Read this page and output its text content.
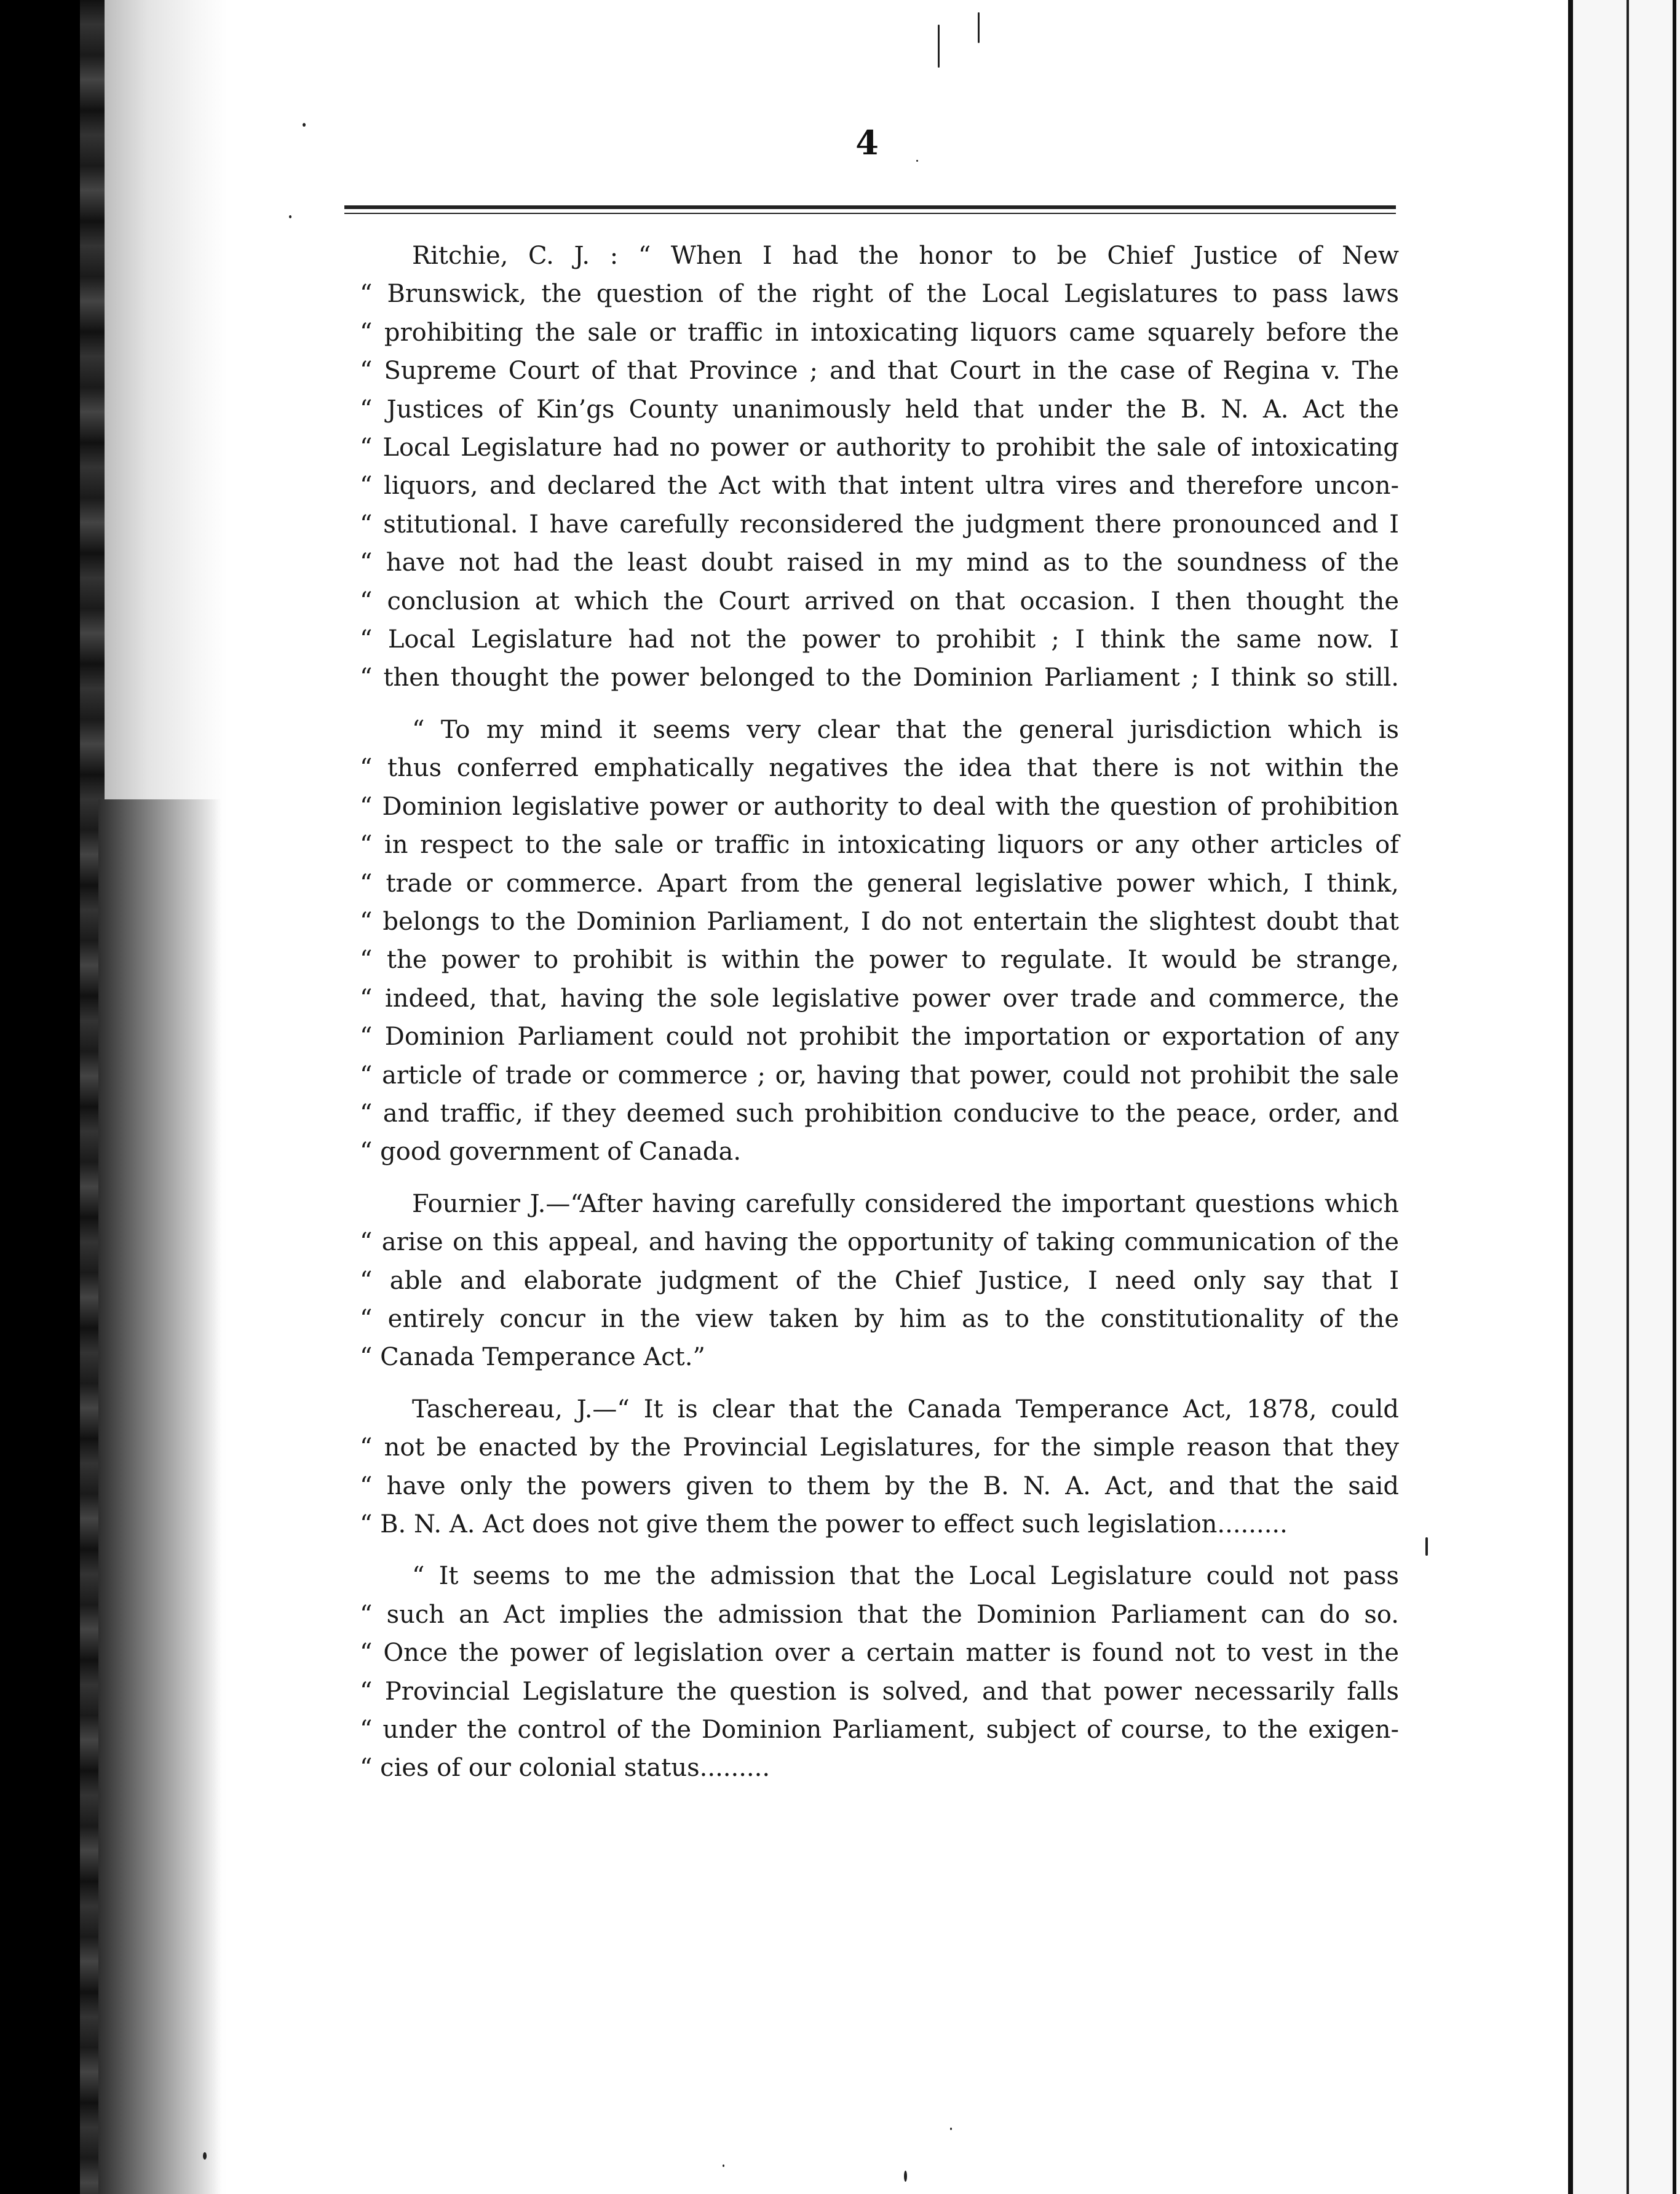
4
Ritchie, C. J. : “ When I had the honor to be Chief Justice of New
“ Brunswick, the question of the right of the Local Legislatures to pass laws
“ prohibiting the sale or traffic in intoxicating liquors came squarely before the
“ Supreme Court of that Province ; and that Court in the case of Regina v. The
“ Justices of Kin’gs County unanimously held that under the B. N. A. Act the
“ Local Legislature had no power or authority to prohibit the sale of intoxicating
“ liquors, and declared the Act with that intent ultra vires and therefore uncon-
“ stitutional. I have carefully reconsidered the judgment there pronounced and I
“ have not had the least doubt raised in my mind as to the soundness of the
“ conclusion at which the Court arrived on that occasion. I then thought the
“ Local Legislature had not the power to prohibit ; I think the same now. I
“ then thought the power belonged to the Dominion Parliament ; I think so still.
“ To my mind it seems very clear that the general jurisdiction which is
“ thus conferred emphatically negatives the idea that there is not within the
“ Dominion legislative power or authority to deal with the question of prohibition
“ in respect to the sale or traffic in intoxicating liquors or any other articles of
“ trade or commerce. Apart from the general legislative power which, I think,
“ belongs to the Dominion Parliament, I do not entertain the slightest doubt that
“ the power to prohibit is within the power to regulate. It would be strange,
“ indeed, that, having the sole legislative power over trade and commerce, the
“ Dominion Parliament could not prohibit the importation or exportation of any
“ article of trade or commerce ; or, having that power, could not prohibit the sale
“ and traffic, if they deemed such prohibition conducive to the peace, order, and
“ good government of Canada.
Fournier J.—“After having carefully considered the important questions which
“ arise on this appeal, and having the opportunity of taking communication of the
“ able and elaborate judgment of the Chief Justice, I need only say that I
“ entirely concur in the view taken by him as to the constitutionality of the
“ Canada Temperance Act.”
Taschereau, J.—“ It is clear that the Canada Temperance Act, 1878, could
“ not be enacted by the Provincial Legislatures, for the simple reason that they
“ have only the powers given to them by the B. N. A. Act, and that the said
“ B. N. A. Act does not give them the power to effect such legislation.........
“ It seems to me the admission that the Local Legislature could not pass
“ such an Act implies the admission that the Dominion Parliament can do so.
“ Once the power of legislation over a certain matter is found not to vest in the
“ Provincial Legislature the question is solved, and that power necessarily falls
“ under the control of the Dominion Parliament, subject of course, to the exigen-
“ cies of our colonial status.........
